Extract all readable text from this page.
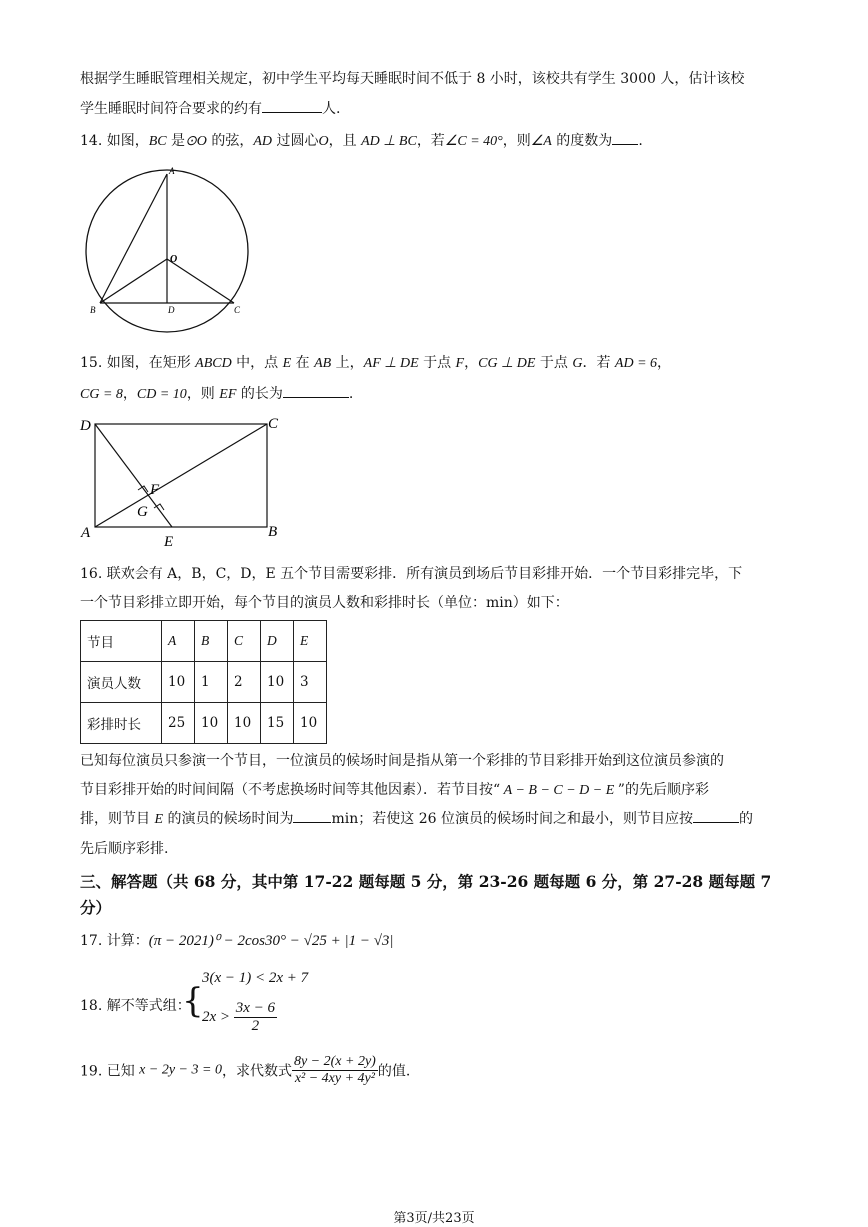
根据学生睡眠管理相关规定，初中学生平均每天睡眠时间不低于 8 小时，该校共有学生 3000 人，估计该校
学生睡眠时间符合要求的约有	人.
14. 如图，BC 是⊙O 的弦，AD 过圆心O，且 AD ⊥ BC，若∠C = 40°，则∠A 的度数为 .
A
O
B	D	C
15. 如图，在矩形 ABCD 中，点 E 在 AB 上，AF ⊥ DE 于点 F，CG ⊥ DE 于点 G．若 AD = 6，
CG = 8，CD = 10，则 EF 的长为	.
D	C
F
G
A	B
E
16. 联欢会有 A，B，C，D，E 五个节目需要彩排．所有演员到场后节目彩排开始．一个节目彩排完毕，下
一个节目彩排立即开始，每个节目的演员人数和彩排时长（单位：min）如下：
节目	A	B	C	D	E
演员人数	10	1	2	10	3
彩排时长	25	10	10	15	10
已知每位演员只参演一个节目，一位演员的候场时间是指从第一个彩排的节目彩排开始到这位演员参演的
节目彩排开始的时间间隔（不考虑换场时间等其他因素）．若节目按“ A − B − C − D − E ”的先后顺序彩
排，则节目 E 的演员的候场时间为	min；若使这 26 位演员的候场时间之和最小，则节目应按	的
先后顺序彩排.
三、解答题（共 68 分，其中第 17-22 题每题 5 分，第 23-26 题每题 6 分，第 27-28 题每题 7
分）
17. 计算：(π − 2021)⁰ − 2cos30° − √25 + |1 − √3|
18. 解不等式组：
{
3(x − 1) < 2x + 7
$2x > \frac{3x - 6}{2}$
19. 已知 x − 2y − 3 = 0，求代数式 $\frac{8y - 2(x + 2y)}{\text{x² − 4xy + 4y²}}$ 的值.
第3页/共23页
